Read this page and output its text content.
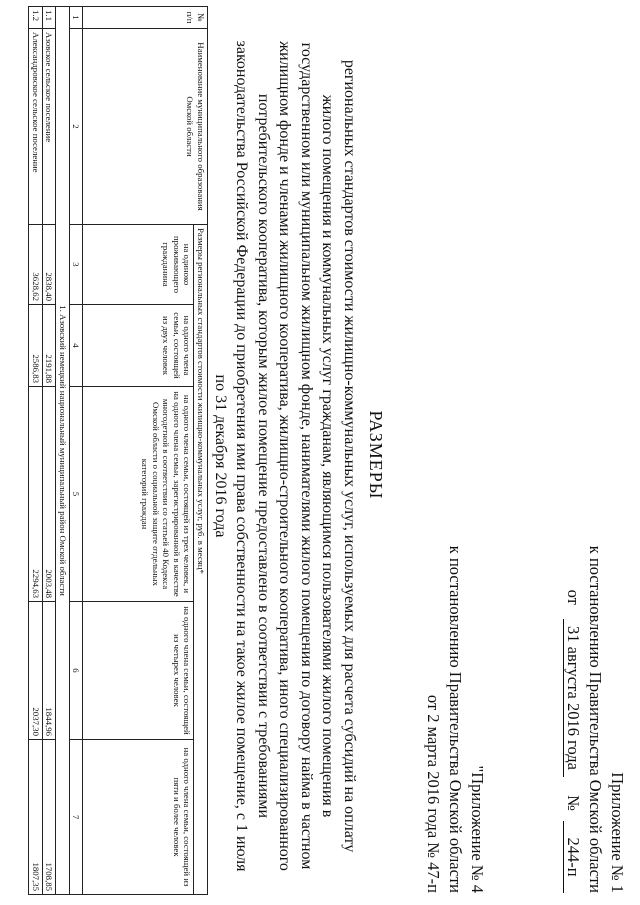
Приложение № 1
к постановлению Правительства Омской области
от 31 августа 2016 года № 244-п
"Приложение № 4
к постановлению Правительства Омской области
от 2 марта 2016 года № 47-п
РАЗМЕРЫ
региональных стандартов стоимости жилищно-коммунальных услуг, используемых для расчета субсидий на оплату жилого помещения и коммунальных услуг гражданам, являющимся пользователями жилого помещения в государственном или муниципальном жилищном фонде, нанимателями жилого помещения по договору найма в частном жилищном фонде и членами жилищного кооператива, жилищно-строительного кооператива, иного специализированного потребительского кооператива, которым жилое помещение предоставлено в соответствии с требованиями законодательства Российской Федерации до приобретения ими права собственности на такое жилое помещение, с 1 июля по 31 декабря 2016 года
№ п/п	Наименование муниципального образования Омской области	Размеры региональных стандартов стоимости жилищно-коммунальных услуг, руб. в месяц*				
		на одиноко проживающего гражданина	на одного члена семьи, состоящей из двух человек	на одного члена семьи, состоящей из трех человек, и на одного члена семьи, зарегистрированной в качестве многодетной в соответствии со статьей 40 Кодекса Омской области о социальной защите отдельных категорий граждан	на одного члена семьи, состоящей из четырех человек	на одного члена семьи, состоящей из пяти и более человек
1	2	3	4	5	6	7
1. Азовский немецкий национальный муниципальный район Омской области						
1.1	Азовское сельское поселение	2838,40	2191,88	2003,48	1844,96	1708,85
1.2	Александровское сельское поселение	3628,62	2586,83	2294,63	2037,30	1807,35
